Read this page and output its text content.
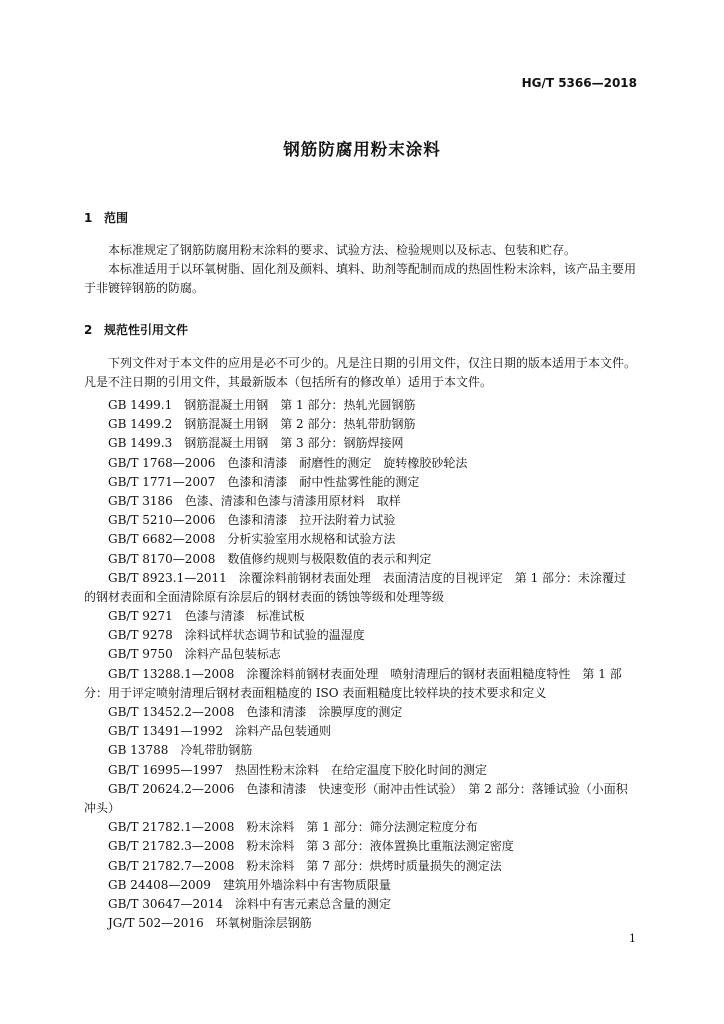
HG/T 5366—2018
钢筋防腐用粉末涂料
1 范围

本标准规定了钢筋防腐用粉末涂料的要求、试验方法、检验规则以及标志、包装和贮存。

本标准适用于以环氧树脂、固化剂及颜料、填料、助剂等配制而成的热固性粉末涂料，该产品主要用于非镀锌钢筋的防腐。

2 规范性引用文件

下列文件对于本文件的应用是必不可少的。凡是注日期的引用文件，仅注日期的版本适用于本文件。凡是不注日期的引用文件，其最新版本（包括所有的修改单）适用于本文件。

GB 1499.1　钢筋混凝土用钢　第 1 部分：热轧光圆钢筋
GB 1499.2　钢筋混凝土用钢　第 2 部分：热轧带肋钢筋
GB 1499.3　钢筋混凝土用钢　第 3 部分：钢筋焊接网
GB/T 1768—2006　色漆和清漆　耐磨性的测定　旋转橡胶砂轮法
GB/T 1771—2007　色漆和清漆　耐中性盐雾性能的测定
GB/T 3186　色漆、清漆和色漆与清漆用原材料　取样
GB/T 5210—2006　色漆和清漆　拉开法附着力试验
GB/T 6682—2008　分析实验室用水规格和试验方法
GB/T 8170—2008　数值修约规则与极限数值的表示和判定
GB/T 8923.1—2011　涂覆涂料前钢材表面处理　表面清洁度的目视评定　第 1 部分：未涂覆过
的钢材表面和全面清除原有涂层后的钢材表面的锈蚀等级和处理等级
GB/T 9271　色漆与清漆　标准试板
GB/T 9278　涂料试样状态调节和试验的温湿度
GB/T 9750　涂料产品包装标志
GB/T 13288.1—2008　涂覆涂料前钢材表面处理　喷射清理后的钢材表面粗糙度特性　第 1 部
分：用于评定喷射清理后钢材表面粗糙度的 ISO 表面粗糙度比较样块的技术要求和定义
GB/T 13452.2—2008　色漆和清漆　涂膜厚度的测定
GB/T 13491—1992　涂料产品包装通则
GB 13788　冷轧带肋钢筋
GB/T 16995—1997　热固性粉末涂料　在给定温度下胶化时间的测定
GB/T 20624.2—2006　色漆和清漆　快速变形（耐冲击性试验）　第 2 部分：落锤试验（小面积
冲头）
GB/T 21782.1—2008　粉末涂料　第 1 部分：筛分法测定粒度分布
GB/T 21782.3—2008　粉末涂料　第 3 部分：液体置换比重瓶法测定密度
GB/T 21782.7—2008　粉末涂料　第 7 部分：烘烤时质量损失的测定法
GB 24408—2009　建筑用外墙涂料中有害物质限量
GB/T 30647—2014　涂料中有害元素总含量的测定
JG/T 502—2016　环氧树脂涂层钢筋
1
